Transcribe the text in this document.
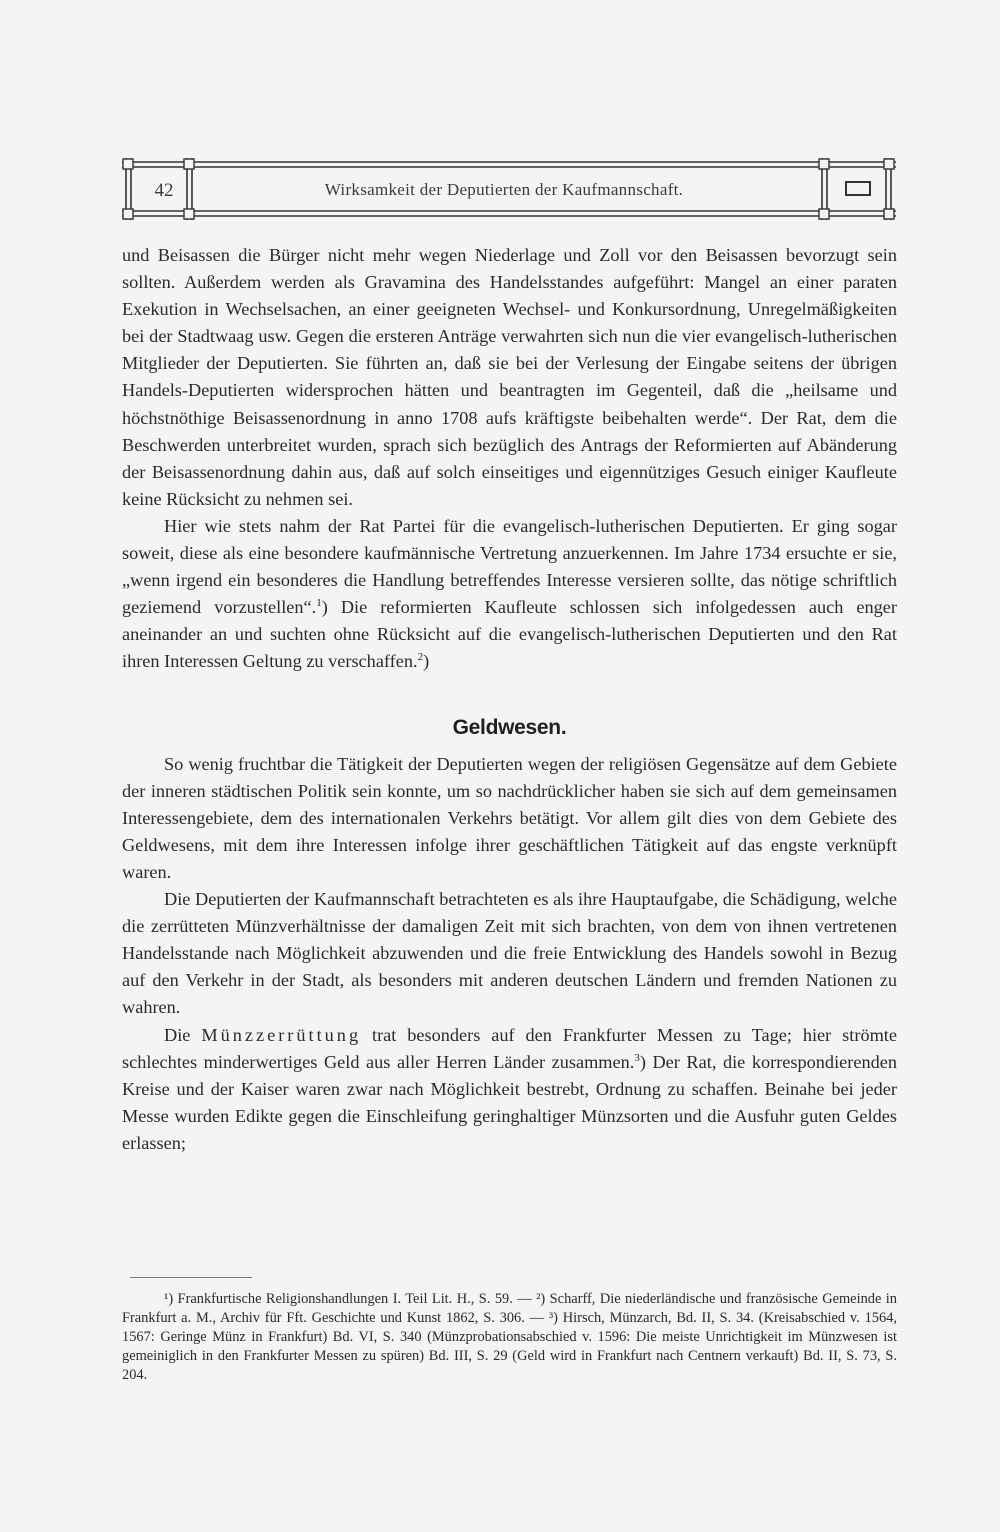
42	Wirksamkeit der Deputierten der Kaufmannschaft.

und Beisassen die Bürger nicht mehr wegen Niederlage und Zoll vor den Beisassen bevorzugt sein sollten. Außerdem werden als Gravamina des Handelsstandes aufgeführt: Mangel an einer paraten Exekution in Wechselsachen, an einer geeigneten Wechsel- und Konkursordnung, Unregelmäßigkeiten bei der Stadtwaag usw. Gegen die ersteren Anträge verwahrten sich nun die vier evangelisch-lutherischen Mitglieder der Deputierten. Sie führten an, daß sie bei der Verlesung der Eingabe seitens der übrigen Handels-Deputierten widersprochen hätten und beantragten im Gegenteil, daß die „heilsame und höchstnöthige Beisassenordnung in anno 1708 aufs kräftigste beibehalten werde“. Der Rat, dem die Beschwerden unterbreitet wurden, sprach sich bezüglich des Antrags der Reformierten auf Abänderung der Beisassenordnung dahin aus, daß auf solch einseitiges und eigennütziges Gesuch einiger Kaufleute keine Rücksicht zu nehmen sei.

Hier wie stets nahm der Rat Partei für die evangelisch-lutherischen Deputierten. Er ging sogar soweit, diese als eine besondere kaufmännische Vertretung anzuerkennen. Im Jahre 1734 ersuchte er sie, „wenn irgend ein besonderes die Handlung betreffendes Interesse versieren sollte, das nötige schriftlich geziemend vorzustellen“.$^1$) Die reformierten Kaufleute schlossen sich infolgedessen auch enger aneinander an und suchten ohne Rücksicht auf die evangelisch-lutherischen Deputierten und den Rat ihren Interessen Geltung zu verschaffen.$^2$)

Geldwesen.

So wenig fruchtbar die Tätigkeit der Deputierten wegen der religiösen Gegensätze auf dem Gebiete der inneren städtischen Politik sein konnte, um so nachdrücklicher haben sie sich auf dem gemeinsamen Interessengebiete, dem des internationalen Verkehrs betätigt. Vor allem gilt dies von dem Gebiete des Geldwesens, mit dem ihre Interessen infolge ihrer geschäftlichen Tätigkeit auf das engste verknüpft waren.

Die Deputierten der Kaufmannschaft betrachteten es als ihre Hauptaufgabe, die Schädigung, welche die zerrütteten Münzverhältnisse der damaligen Zeit mit sich brachten, von dem von ihnen vertretenen Handelsstande nach Möglichkeit abzuwenden und die freie Entwicklung des Handels sowohl in Bezug auf den Verkehr in der Stadt, als besonders mit anderen deutschen Ländern und fremden Nationen zu wahren.

Die Münzzerrüttung trat besonders auf den Frankfurter Messen zu Tage; hier strömte schlechtes minderwertiges Geld aus aller Herren Länder zusammen.$^3$) Der Rat, die korrespondierenden Kreise und der Kaiser waren zwar nach Möglichkeit bestrebt, Ordnung zu schaffen. Beinahe bei jeder Messe wurden Edikte gegen die Einschleifung geringhaltiger Münzsorten und die Ausfuhr guten Geldes erlassen;

¹) Frankfurtische Religionshandlungen I. Teil Lit. H., S. 59. — ²) Scharff, Die niederländische und französische Gemeinde in Frankfurt a. M., Archiv für Fft. Geschichte und Kunst 1862, S. 306. — ³) Hirsch, Münzarch, Bd. II, S. 34. (Kreisabschied v. 1564, 1567: Geringe Münz in Frankfurt) Bd. VI, S. 340 (Münzprobationsabschied v. 1596: Die meiste Unrichtigkeit im Münzwesen ist gemeiniglich in den Frankfurter Messen zu spüren) Bd. III, S. 29 (Geld wird in Frankfurt nach Centnern verkauft) Bd. II, S. 73, S. 204.
